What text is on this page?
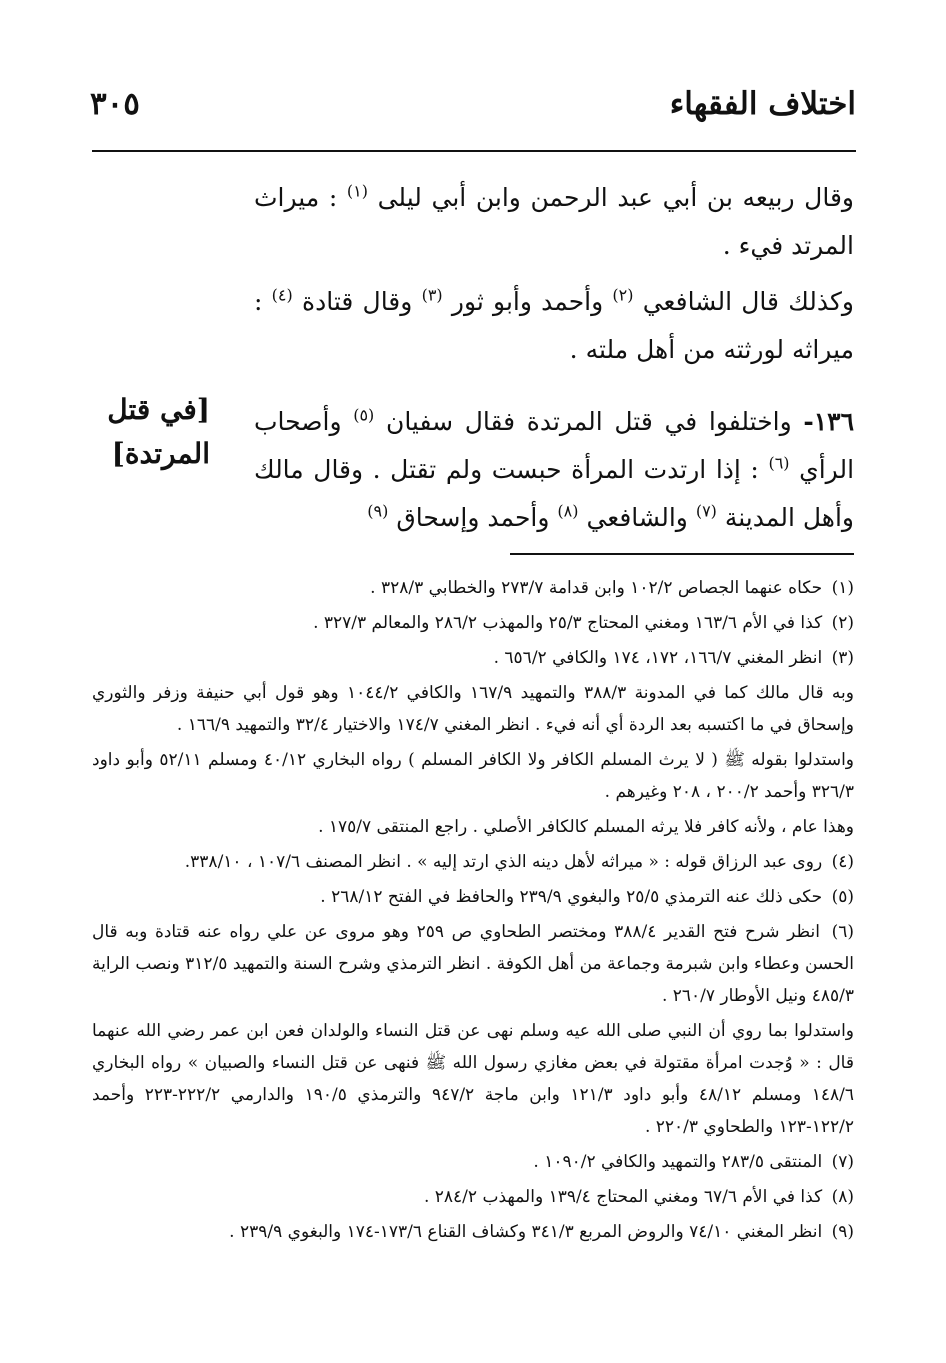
اختلاف الفقهاء
٣٠٥
وقال ربيعه بن أبي عبد الرحمن وابن أبي ليلى $^{(١)}$ : ميراث المرتد فيء .
وكذلك قال الشافعي $^{(٢)}$ وأحمد وأبو ثور $^{(٣)}$ وقال قتادة $^{(٤)}$ : ميراثه لورثته من أهل ملته .
١٣٦- واختلفوا في قتل المرتدة فقال سفيان $^{(٥)}$ وأصحاب الرأي $^{(٦)}$ : إذا ارتدت المرأة حبست ولم تقتل . وقال مالك وأهل المدينة $^{(٧)}$ والشافعي $^{(٨)}$ وأحمد وإسحاق $^{(٩)}$
[في قتل
المرتدة]

(١) حكاه عنهما الجصاص ١٠٢/٢ وابن قدامة ٢٧٣/٧ والخطابي ٣٢٨/٣ .

(٢) كذا في الأم ١٦٣/٦ ومغني المحتاج ٢٥/٣ والمهذب ٢٨٦/٢ والمعالم ٣٢٧/٣ .

(٣) انظر المغني ١٦٦/٧، ١٧٢، ١٧٤ والكافي ٦٥٦/٢ .

وبه قال مالك كما في المدونة ٣٨٨/٣ والتمهيد ١٦٧/٩ والكافي ١٠٤٤/٢ وهو قول أبي حنيفة وزفر والثوري وإسحاق في ما اكتسبه بعد الردة أي أنه فيء . انظر المغني ١٧٤/٧ والاختيار ٣٢/٤ والتمهيد ١٦٦/٩ .

واستدلوا بقوله ﷺ ( لا يرث المسلم الكافر ولا الكافر المسلم ) رواه البخاري ٤٠/١٢ ومسلم ٥٢/١١ وأبو داود ٣٢٦/٣ وأحمد ٢٠٠/٢ ، ٢٠٨ وغيرهم .

وهذا عام ، ولأنه كافر فلا يرثه المسلم كالكافر الأصلي . راجع المنتقى ١٧٥/٧ .

(٤) روى عبد الرزاق قوله : « ميراثه لأهل دينه الذي ارتد إليه » . انظر المصنف ١٠٧/٦ ، ٣٣٨/١٠.

(٥) حكى ذلك عنه الترمذي ٢٥/٥ والبغوي ٢٣٩/٩ والحافظ في الفتح ٢٦٨/١٢ .

(٦) انظر شرح فتح القدير ٣٨٨/٤ ومختصر الطحاوي ص ٢٥٩ وهو مروى عن علي رواه عنه قتادة وبه قال الحسن وعطاء وابن شبرمة وجماعة من أهل الكوفة . انظر الترمذي وشرح السنة والتمهيد ٣١٢/٥ ونصب الراية ٤٨٥/٣ ونيل الأوطار ٢٦٠/٧ .

واستدلوا بما روي أن النبي صلى الله عيه وسلم نهى عن قتل النساء والولدان فعن ابن عمر رضي الله عنهما قال : « وُجدت امرأة مقتولة في بعض مغازي رسول الله ﷺ فنهى عن قتل النساء والصبيان » رواه البخاري ١٤٨/٦ ومسلم ٤٨/١٢ وأبو داود ١٢١/٣ وابن ماجة ٩٤٧/٢ والترمذي ١٩٠/٥ والدارمي ٢٢٢/٢-٢٢٣ وأحمد ١٢٢/٢-١٢٣ والطحاوي ٢٢٠/٣ .

(٧) المنتقى ٢٨٣/٥ والتمهيد والكافي ١٠٩٠/٢ .

(٨) كذا في الأم ٦٧/٦ ومغني المحتاج ١٣٩/٤ والمهذب ٢٨٤/٢ .

(٩) انظر المغني ٧٤/١٠ والروض المربع ٣٤١/٣ وكشاف القناع ١٧٣/٦-١٧٤ والبغوي ٢٣٩/٩ .
